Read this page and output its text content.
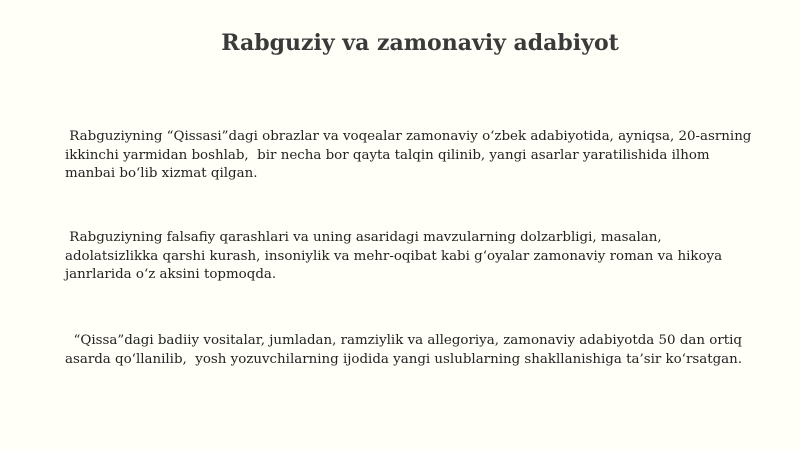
Rabguziy va zamonaviy adabiyot

Rabguziyning “Qissasi”dagi obrazlar va voqealar zamonaviy o‘zbek adabiyotida, ayniqsa, 20-asrning ikkinchi yarmidan boshlab,  bir necha bor qayta talqin qilinib, yangi asarlar yaratilishida ilhom manbai bo‘lib xizmat qilgan.

Rabguziyning falsafiy qarashlari va uning asaridagi mavzularning dolzarbligi, masalan, adolatsizlikka qarshi kurash, insoniylik va mehr-oqibat kabi g‘oyalar zamonaviy roman va hikoya janrlarida o‘z aksini topmoqda.

“Qissa”dagi badiiy vositalar, jumladan, ramziylik va allegoriya, zamonaviy adabiyotda 50 dan ortiq asarda qo‘llanilib,  yosh yozuvchilarning ijodida yangi uslublarning shakllanishiga ta’sir ko‘rsatgan.
